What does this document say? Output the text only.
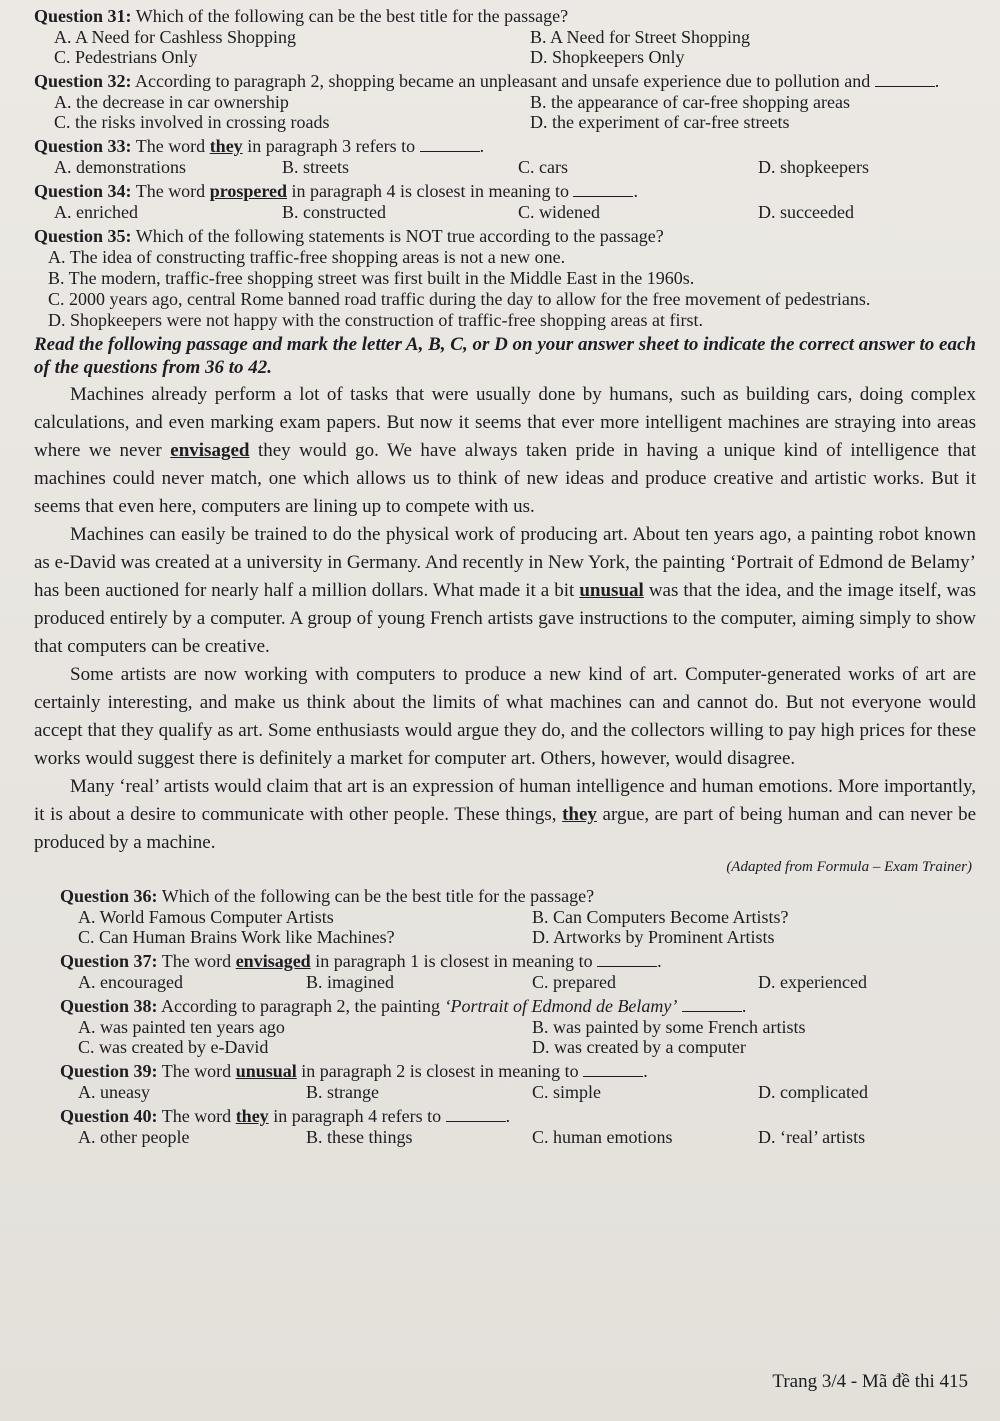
Question 31: Which of the following can be the best title for the passage?
A. A Need for Cashless Shopping	B. A Need for Street Shopping
C. Pedestrians Only	D. Shopkeepers Only
Question 32: According to paragraph 2, shopping became an unpleasant and unsafe experience due to pollution and	.
A. the decrease in car ownership	B. the appearance of car-free shopping areas
C. the risks involved in crossing roads	D. the experiment of car-free streets
Question 33: The word they in paragraph 3 refers to	.
A. demonstrations	B. streets	C. cars	D. shopkeepers
Question 34: The word prospered in paragraph 4 is closest in meaning to	.
A. enriched	B. constructed	C. widened	D. succeeded
Question 35: Which of the following statements is NOT true according to the passage?
A. The idea of constructing traffic-free shopping areas is not a new one.
B. The modern, traffic-free shopping street was first built in the Middle East in the 1960s.
C. 2000 years ago, central Rome banned road traffic during the day to allow for the free movement of pedestrians.
D. Shopkeepers were not happy with the construction of traffic-free shopping areas at first.
Read the following passage and mark the letter A, B, C, or D on your answer sheet to indicate the correct answer to each of the questions from 36 to 42.

Machines already perform a lot of tasks that were usually done by humans, such as building cars, doing complex calculations, and even marking exam papers. But now it seems that ever more intelligent machines are straying into areas where we never envisaged they would go. We have always taken pride in having a unique kind of intelligence that machines could never match, one which allows us to think of new ideas and produce creative and artistic works. But it seems that even here, computers are lining up to compete with us.

Machines can easily be trained to do the physical work of producing art. About ten years ago, a painting robot known as e-David was created at a university in Germany. And recently in New York, the painting ‘Portrait of Edmond de Belamy’ has been auctioned for nearly half a million dollars. What made it a bit unusual was that the idea, and the image itself, was produced entirely by a computer. A group of young French artists gave instructions to the computer, aiming simply to show that computers can be creative.

Some artists are now working with computers to produce a new kind of art. Computer-generated works of art are certainly interesting, and make us think about the limits of what machines can and cannot do. But not everyone would accept that they qualify as art. Some enthusiasts would argue they do, and the collectors willing to pay high prices for these works would suggest there is definitely a market for computer art. Others, however, would disagree.

Many ‘real’ artists would claim that art is an expression of human intelligence and human emotions. More importantly, it is about a desire to communicate with other people. These things, they argue, are part of being human and can never be produced by a machine.

(Adapted from Formula – Exam Trainer)
Question 36: Which of the following can be the best title for the passage?
A. World Famous Computer Artists	B. Can Computers Become Artists?
C. Can Human Brains Work like Machines?	D. Artworks by Prominent Artists
Question 37: The word envisaged in paragraph 1 is closest in meaning to	.
A. encouraged	B. imagined	C. prepared	D. experienced
Question 38: According to paragraph 2, the painting ‘Portrait of Edmond de Belamy’	.
A. was painted ten years ago	B. was painted by some French artists
C. was created by e-David	D. was created by a computer
Question 39: The word unusual in paragraph 2 is closest in meaning to	.
A. uneasy	B. strange	C. simple	D. complicated
Question 40: The word they in paragraph 4 refers to	.
A. other people	B. these things	C. human emotions	D. ‘real’ artists
Trang 3/4 - Mã đề thi 415
